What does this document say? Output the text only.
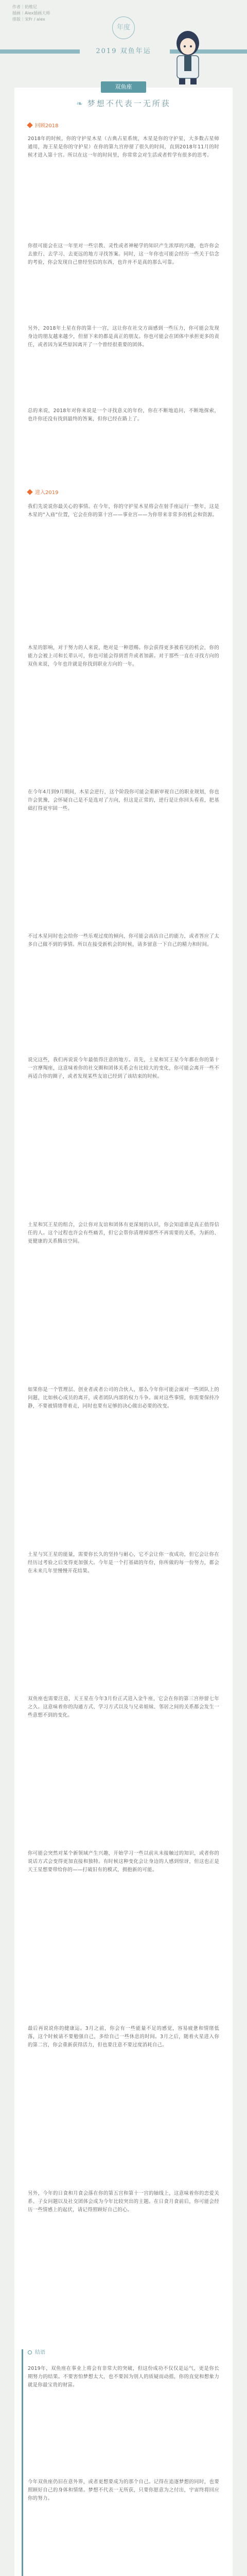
作者｜奶维尼
插画｜Alex插画大师
排版｜宋Fr / alex
年度
2019 双鱼年运
双鱼座
❧ 梦想不代表一无所获
回顾2018
2018年的时候，你的守护星木星（古典占星系统，木星是你的守护星，大多数占星师通用，海王星是你的守护星）在你的第九宫停留了很久的时间，直到2018年11月的时候才进入第十宫。所以在这一年的时间里，你常常会对生活或者哲学有很多的思考。
你很可能会在这一年里对一些宗教、灵性或者神秘学的知识产生浓厚的兴趣，也许你会去旅行、去学习、去更远的地方寻找答案。同时，这一年你也可能会经历一些关于信念的考验，你会发现自己曾经坚信的东西，也许并不是真的那么可靠。
另外，2018年土星在你的第十一宫，这让你在社交方面感到一些压力，你可能会发现身边的朋友越来越少，但留下来的都是真正的朋友。你也可能会在团体中承担更多的责任，或者因为某些原因离开了一个曾经很重要的团体。
总的来说，2018年对你来说是一个寻找意义的年份，你在不断地追问，不断地探索，也许你还没有找到最终的答案，但你已经在路上了。
进入2019
我们先说说你最关心的事情。在今年，你的守护星木星将会在射手座运行一整年，这是木星的“入庙”位置，它会在你的第十宫——事业宫——为你带来非常多的机会和资源。
木星的影响，对于努力的人来说，绝对是一种恩赐。你会获得更多被看见的机会，你的能力会被上司和长辈认可，你也可能会得到晋升或者加薪。对于那些一直在寻找方向的双鱼来说，今年也许就是你找到职业方向的一年。
在今年4月到9月期间，木星会逆行，这个阶段你可能会重新审视自己的职业规划，你也许会犹豫，会怀疑自己是不是选对了方向，但这是正常的，逆行是让你回头看看，把基础打得更牢固一些。
不过木星同时也会给你一些乐观过度的倾向，你可能会高估自己的能力，或者答应了太多自己做不到的事情。所以在接受新机会的时候，请多留意一下自己的精力和时间。
说完这些，我们再说说今年最值得注意的地方。首先，土星和冥王星今年都在你的第十一宫摩羯座，这意味着你的社交圈和团体关系会有比较大的变化，你可能会离开一些不再适合你的圈子，或者发现某些友谊已经到了该结束的时候。
土星和冥王星的组合，会让你对友谊和团体有更深刻的认识，你会知道谁是真正值得信任的人。这个过程也许会有些痛苦，但它会帮你清理掉那些不再需要的关系，为新的、更健康的关系腾出空间。
如果你是一个管理层、创业者或者公司的合伙人，那么今年你可能会面对一些团队上的问题，比如核心成员的离开，或者团队内部的权力斗争。面对这些事情，你需要保持冷静，不要被情绪带着走，同时也要有足够的决心做出必要的改变。
土星与冥王星的能量，需要你长久的坚持与耐心，它不会让你一夜成功，但它会让你在经历过考验之后变得更加强大。今年是一个打基础的年份，你所做的每一份努力，都会在未来几年里慢慢开花结果。
双鱼座也需要注意，天王星在今年3月份正式进入金牛座，它会在你的第三宫停留七年之久。这意味着你的沟通方式、学习方式以及与兄弟姐妹、邻居之间的关系都会发生一些意想不到的变化。
你可能会突然对某个新领域产生兴趣，开始学习一些以前从未接触过的知识，或者你的说话方式会变得更加直接和独特。有时候这种变化会让身边的人感到惊讶，但这也正是天王星想要带给你的——打破旧有的模式，拥抱新的可能。
最后再说说你的健康运。3月之前，你会有一些能量不足的感觉，容易疲惫和情绪低落，这个时候请不要勉强自己，多给自己一些休息的时间。3月之后，随着火星进入你的第二宫，你会重新获得活力，但也要注意不要过度消耗自己。
另外，今年的日食和月食会落在你的第五宫和第十一宫的轴线上，这意味着你的恋爱关系、子女问题以及社交团体会成为今年比较突出的主题。在日食月食前后，你可能会经历一些情感上的起伏，请记得照顾好自己的心。
结语
2019年，双鱼座在事业上将会有非常大的突破，但这份成功不仅仅是运气，更是你长期努力的结果。不要害怕梦想太大，也不要因为别人的质疑而动摇，你的直觉和想象力就是你最宝贵的财富。
今年双鱼座仍旧在意外界，或者更想要成为的那个自己。记得在追逐梦想的同时，也要照顾好自己的身体和情绪。梦想不代表一无所获，只要你愿意为之付出，宇宙终将回应你的努力。
